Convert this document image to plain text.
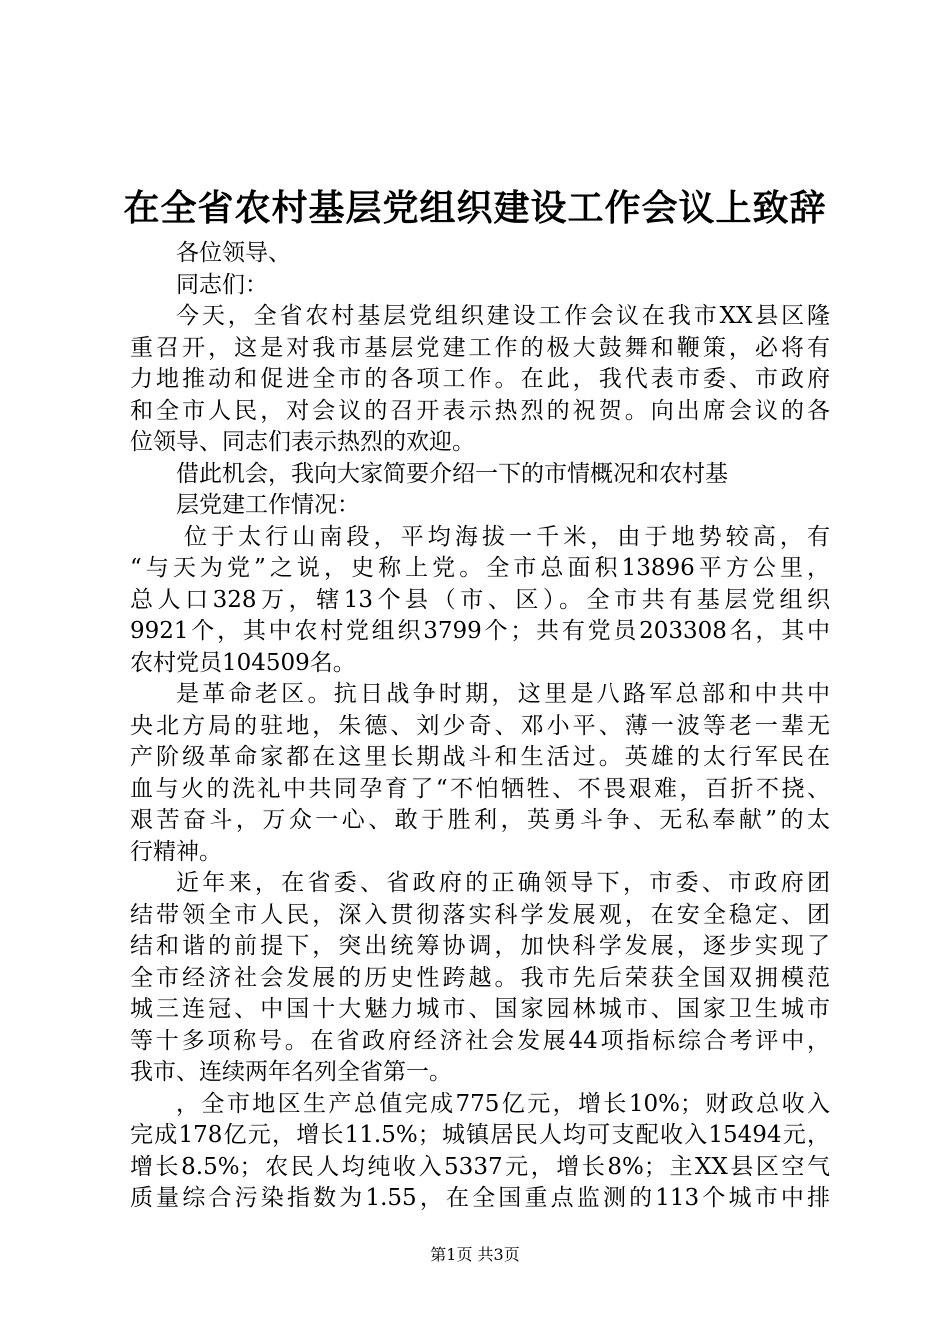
在全省农村基层党组织建设工作会议上致辞
各位领导、
同志们：
今天，全省农村基层党组织建设工作会议在我市XX县区隆
重召开，这是对我市基层党建工作的极大鼓舞和鞭策，必将有
力地推动和促进全市的各项工作。在此，我代表市委、市政府
和全市人民，对会议的召开表示热烈的祝贺。向出席会议的各
位领导、同志们表示热烈的欢迎。
借此机会，我向大家简要介绍一下的市情概况和农村基
层党建工作情况：
位于太行山南段，平均海拔一千米，由于地势较高，有
“与天为党”之说，史称上党。全市总面积13896平方公里，
总人口328万，辖13个县（市、区）。全市共有基层党组织
9921个，其中农村党组织3799个；共有党员203308名，其中
农村党员104509名。
是革命老区。抗日战争时期，这里是八路军总部和中共中
央北方局的驻地，朱德、刘少奇、邓小平、薄一波等老一辈无
产阶级革命家都在这里长期战斗和生活过。英雄的太行军民在
血与火的洗礼中共同孕育了“不怕牺牲、不畏艰难，百折不挠、
艰苦奋斗，万众一心、敢于胜利，英勇斗争、无私奉献”的太
行精神。
近年来，在省委、省政府的正确领导下，市委、市政府团
结带领全市人民，深入贯彻落实科学发展观，在安全稳定、团
结和谐的前提下，突出统筹协调，加快科学发展，逐步实现了
全市经济社会发展的历史性跨越。我市先后荣获全国双拥模范
城三连冠、中国十大魅力城市、国家园林城市、国家卫生城市
等十多项称号。在省政府经济社会发展44项指标综合考评中，
我市、连续两年名列全省第一。
，全市地区生产总值完成775亿元，增长10%；财政总收入
完成178亿元，增长11.5%；城镇居民人均可支配收入15494元，
增长8.5%；农民人均纯收入5337元，增长8%；主XX县区空气
质量综合污染指数为1.55，在全国重点监测的113个城市中排
第1页 共3页
